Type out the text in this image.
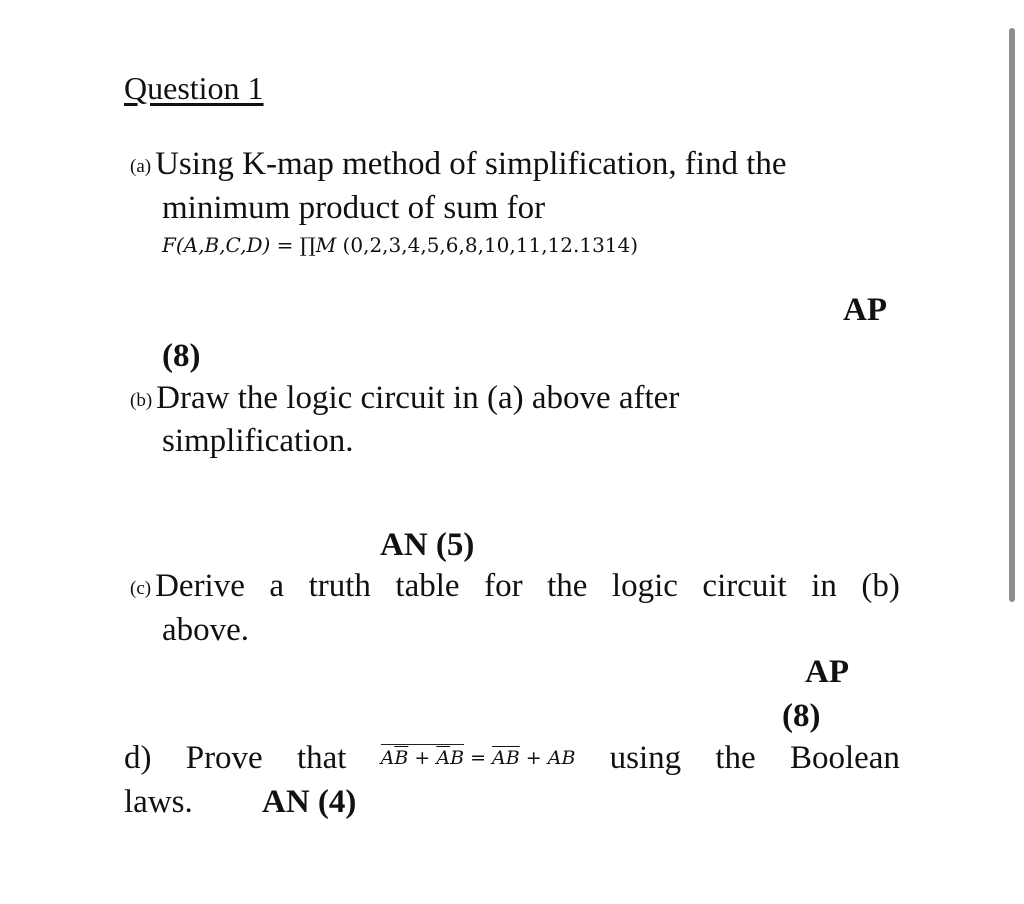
Question 1
(a) Using K-map method of simplification, find the
minimum product of sum for
F(A,B,C,D) = ∏M (0,2,3,4,5,6,8,10,11,12.1314)
AP
(8)
(b) Draw the logic circuit in (a) above after
simplification.
AN (5)
(c) Derive a truth table for the logic circuit in (b)
above.
AP
(8)
d) Prove that $A\overline{B} + \overline{A}B = \overline{A}\overline{B}$ + AB using the Boolean
laws. AN (4)
